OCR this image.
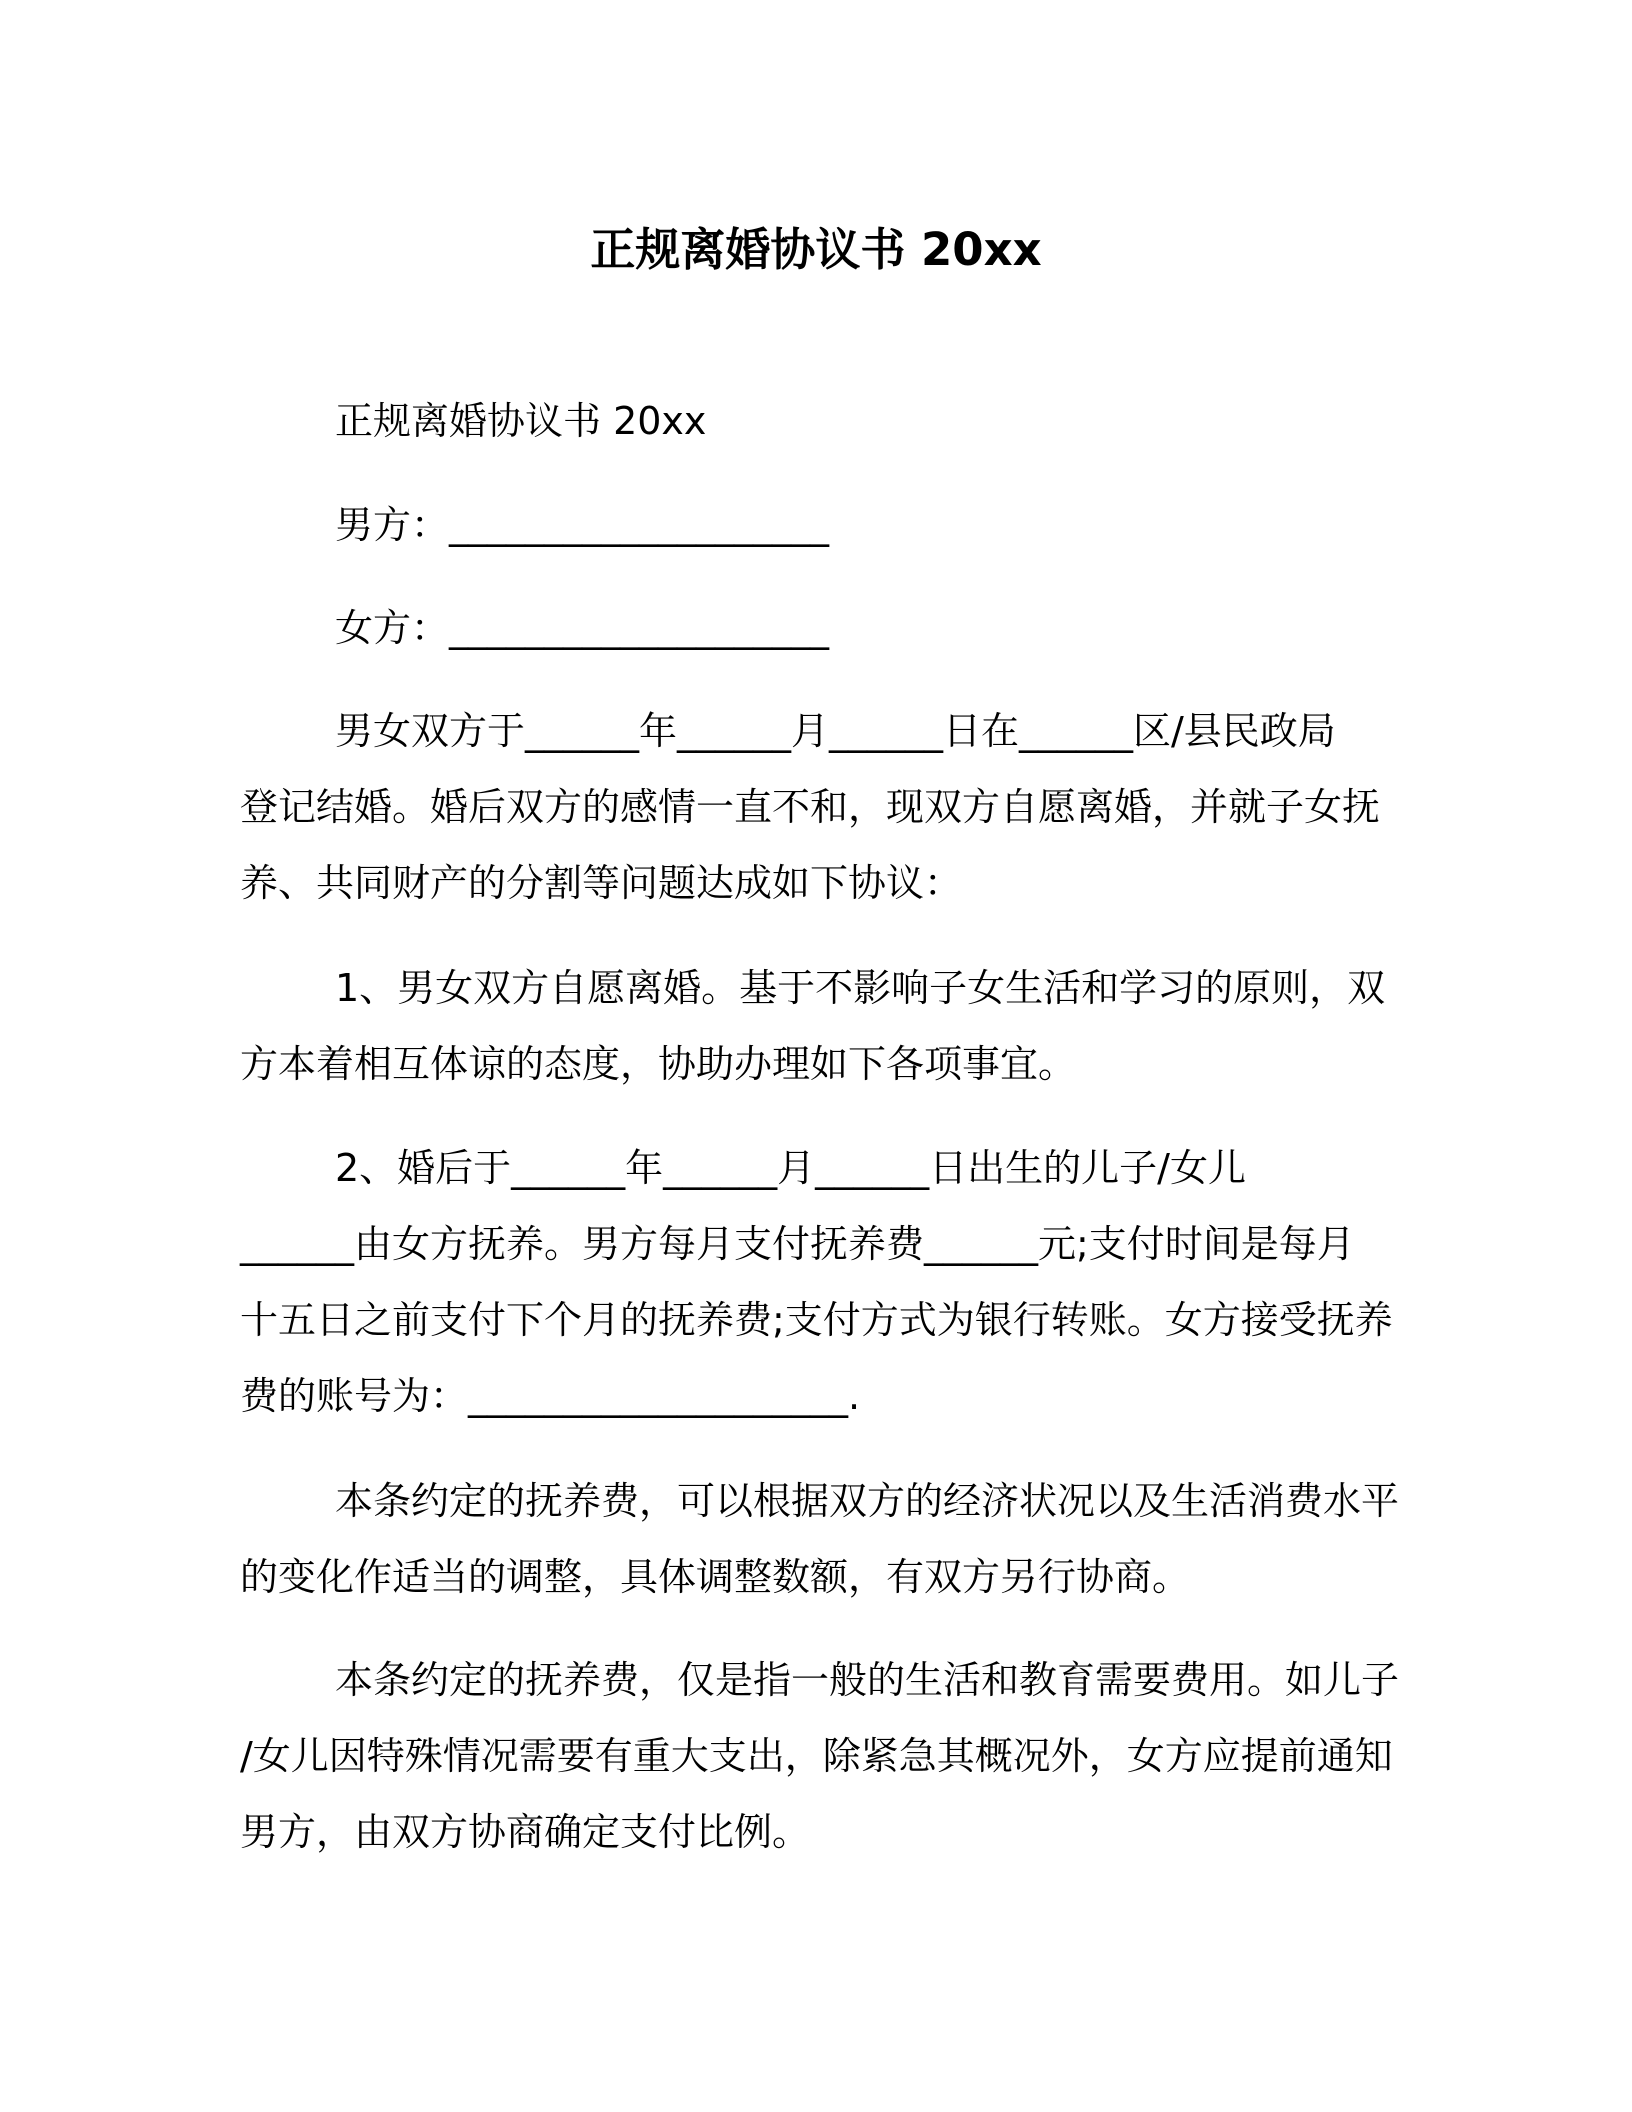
正规离婚协议书 20xx
正规离婚协议书 20xx
男方：____________________
女方：____________________
男女双方于______年______月______日在______区/县民政局
登记结婚。婚后双方的感情一直不和，现双方自愿离婚，并就子女抚
养、共同财产的分割等问题达成如下协议：
1、男女双方自愿离婚。基于不影响子女生活和学习的原则，双
方本着相互体谅的态度，协助办理如下各项事宜。
2、婚后于______年______月______日出生的儿子/女儿
______由女方抚养。男方每月支付抚养费______元;支付时间是每月
十五日之前支付下个月的抚养费;支付方式为银行转账。女方接受抚养
费的账号为：____________________.
本条约定的抚养费，可以根据双方的经济状况以及生活消费水平
的变化作适当的调整，具体调整数额，有双方另行协商。
本条约定的抚养费，仅是指一般的生活和教育需要费用。如儿子
/女儿因特殊情况需要有重大支出，除紧急其概况外，女方应提前通知
男方，由双方协商确定支付比例。
